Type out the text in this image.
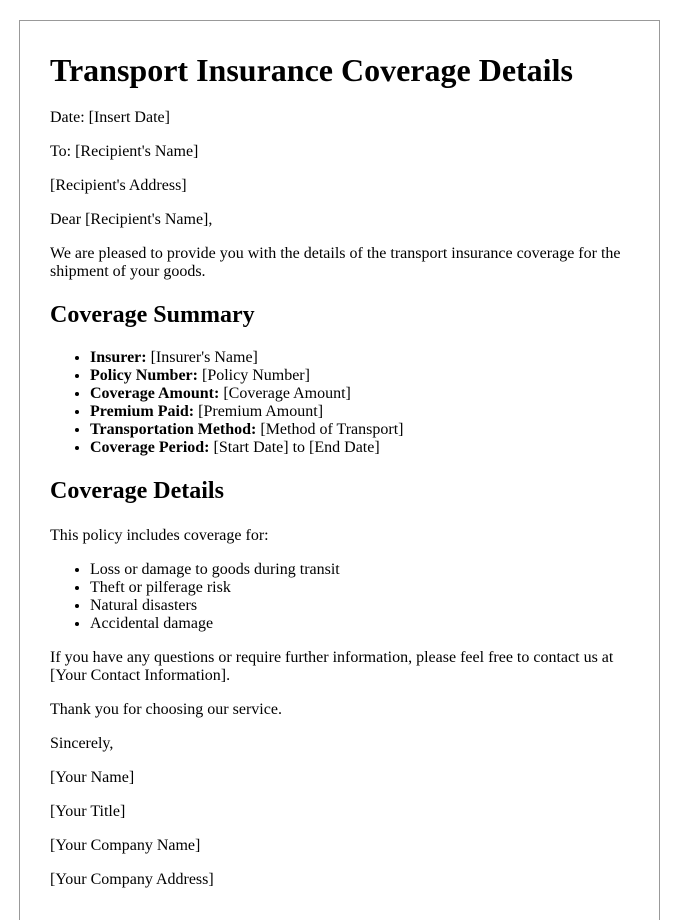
Transport Insurance Coverage Details

Date: [Insert Date]

To: [Recipient's Name]

[Recipient's Address]

Dear [Recipient's Name],

We are pleased to provide you with the details of the transport insurance coverage for the shipment of your goods.

Coverage Summary
• Insurer: [Insurer's Name]
• Policy Number: [Policy Number]
• Coverage Amount: [Coverage Amount]
• Premium Paid: [Premium Amount]
• Transportation Method: [Method of Transport]
• Coverage Period: [Start Date] to [End Date]
Coverage Details

This policy includes coverage for:

• Loss or damage to goods during transit
• Theft or pilferage risk
• Natural disasters
• Accidental damage

If you have any questions or require further information, please feel free to contact us at [Your Contact Information].

Thank you for choosing our service.

Sincerely,

[Your Name]

[Your Title]

[Your Company Name]

[Your Company Address]
